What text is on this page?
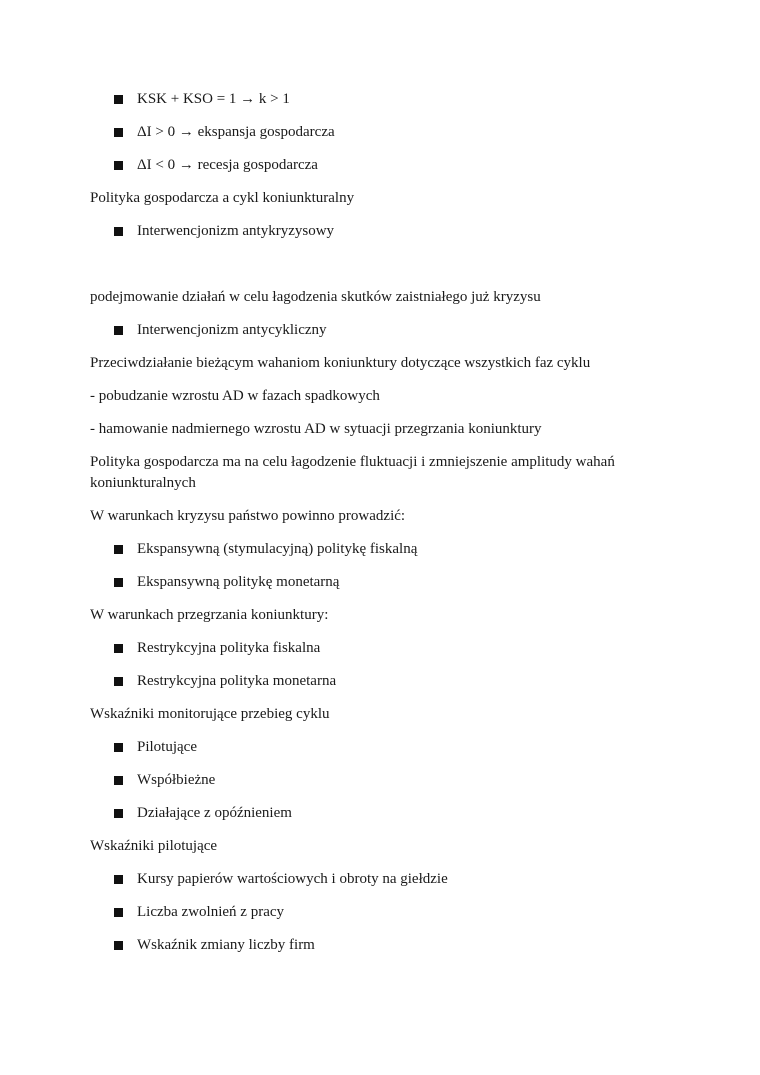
KSK + KSO = 1 → k > 1
ΔI > 0 → ekspansja gospodarcza
ΔI < 0 → recesja gospodarcza
Polityka gospodarcza a cykl koniunkturalny
Interwencjonizm antykryzysowy
podejmowanie działań w celu łagodzenia skutków zaistniałego już kryzysu
Interwencjonizm antycykliczny
Przeciwdziałanie bieżącym wahaniom koniunktury dotyczące wszystkich faz cyklu
- pobudzanie wzrostu AD w fazach spadkowych
- hamowanie nadmiernego wzrostu AD w sytuacji przegrzania koniunktury
Polityka gospodarcza ma na celu łagodzenie fluktuacji i zmniejszenie amplitudy wahań koniunkturalnych
W warunkach kryzysu państwo powinno prowadzić:
Ekspansywną (stymulacyjną) politykę fiskalną
Ekspansywną politykę monetarną
W warunkach przegrzania koniunktury:
Restrykcyjna polityka fiskalna
Restrykcyjna polityka monetarna
Wskaźniki monitorujące przebieg cyklu
Pilotujące
Współbieżne
Działające z opóźnieniem
Wskaźniki pilotujące
Kursy papierów wartościowych i obroty na giełdzie
Liczba zwolnień z pracy
Wskaźnik zmiany liczby firm
